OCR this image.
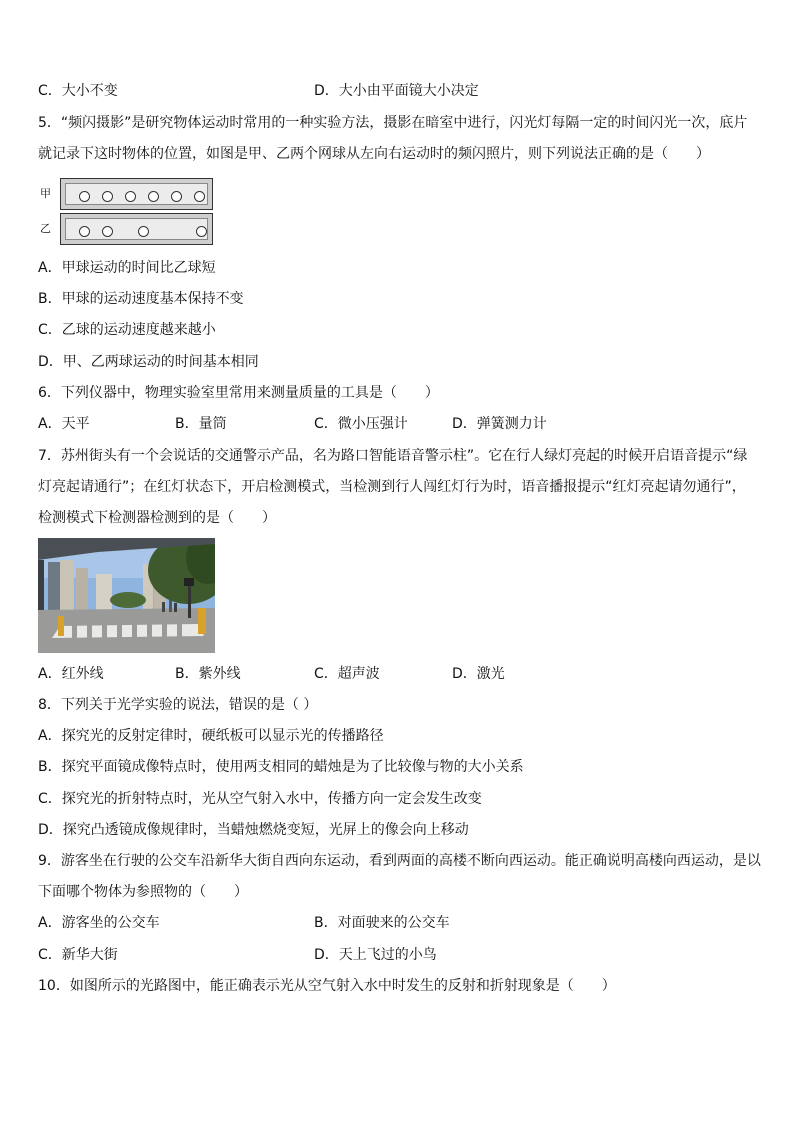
C．大小不变	D．大小由平面镜大小决定
5．“频闪摄影”是研究物体运动时常用的一种实验方法，摄影在暗室中进行，闪光灯每隔一定的时间闪光一次，底片
就记录下这时物体的位置，如图是甲、乙两个网球从左向右运动时的频闪照片，则下列说法正确的是（　　）
甲
乙
A．甲球运动的时间比乙球短
B．甲球的运动速度基本保持不变
C．乙球的运动速度越来越小
D．甲、乙两球运动的时间基本相同
6．下列仪器中，物理实验室里常用来测量质量的工具是（　　）
A．天平	B．量筒	C．微小压强计	D．弹簧测力计
7．苏州街头有一个会说话的交通警示产品，名为路口智能语音警示柱”。它在行人绿灯亮起的时候开启语音提示“绿
灯亮起请通行”；在红灯状态下，开启检测模式，当检测到行人闯红灯行为时，语音播报提示“红灯亮起请勿通行”，
检测模式下检测器检测到的是（　　）
A．红外线	B．紫外线	C．超声波	D．激光
8．下列关于光学实验的说法，错误的是（ ）
A．探究光的反射定律时，硬纸板可以显示光的传播路径
B．探究平面镜成像特点时，使用两支相同的蜡烛是为了比较像与物的大小关系
C．探究光的折射特点时，光从空气射入水中，传播方向一定会发生改变
D．探究凸透镜成像规律时，当蜡烛燃烧变短，光屏上的像会向上移动
9．游客坐在行驶的公交车沿新华大街自西向东运动，看到两面的高楼不断向西运动。能正确说明高楼向西运动，是以
下面哪个物体为参照物的（　　）
A．游客坐的公交车	B．对面驶来的公交车
C．新华大街	D．天上飞过的小鸟
10．如图所示的光路图中，能正确表示光从空气射入水中时发生的反射和折射现象是（　　）
